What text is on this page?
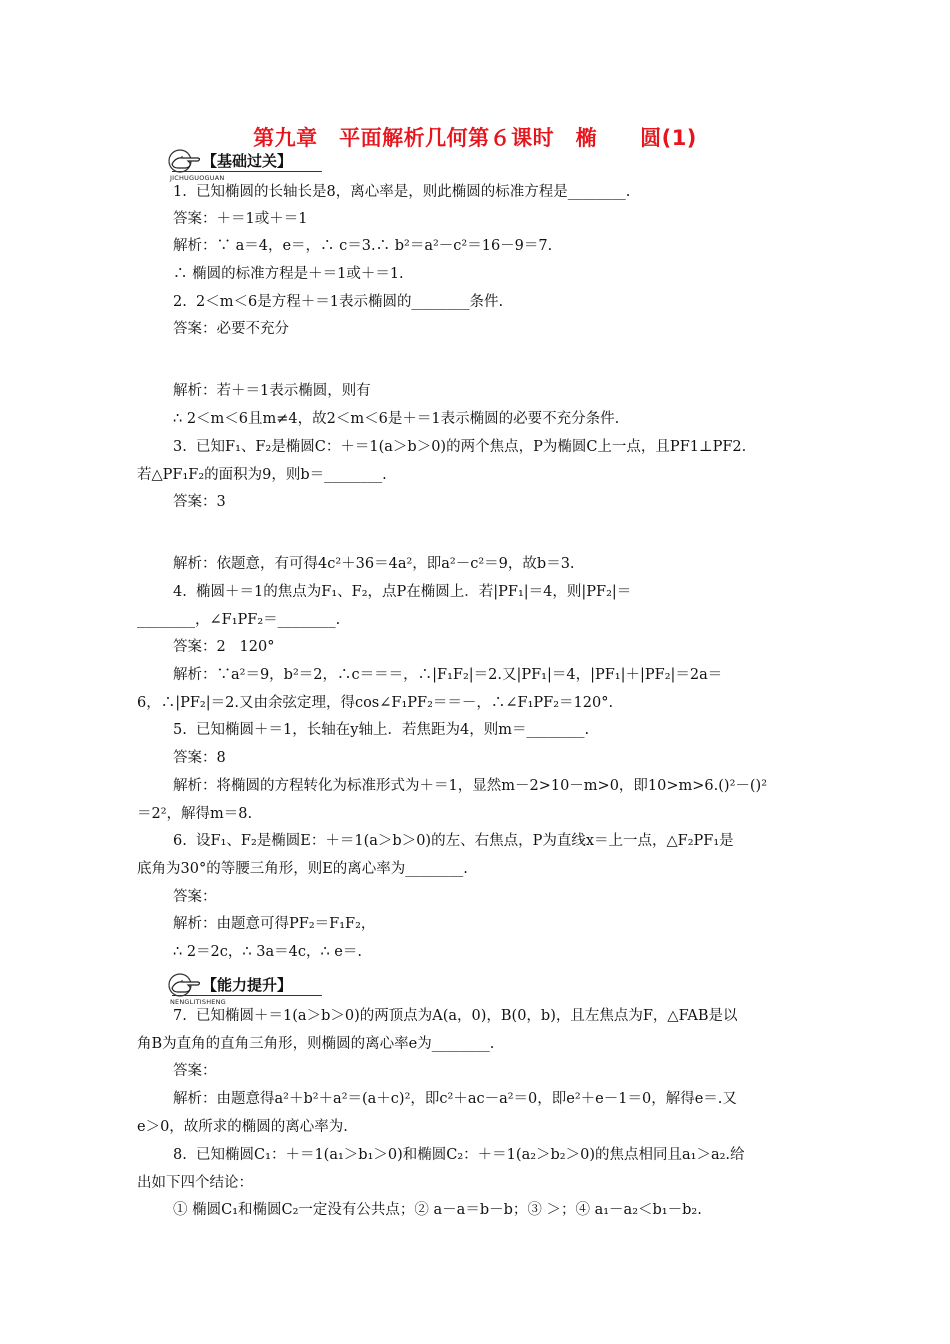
第九章　平面解析几何第６课时　椭　　圆(1)
【基础过关】
JICHUGUOGUAN
【能力提升】
NENGLITISHENG
1.  已知椭圆的长轴长是8，离心率是，则此椭圆的标准方程是________.
答案：＋＝1或＋＝1
解析：∵ a＝4，e＝，∴ c＝3.∴ b²＝a²－c²＝16－9＝7.
∴ 椭圆的标准方程是＋＝1或＋＝1.
2.  2＜m＜6是方程＋＝1表示椭圆的________条件.
答案：必要不充分
解析：若＋＝1表示椭圆，则有
∴ 2＜m＜6且m≠4，故2＜m＜6是＋＝1表示椭圆的必要不充分条件.
3.  已知F₁、F₂是椭圆C：＋＝1(a＞b＞0)的两个焦点，P为椭圆C上一点，且PF1⊥PF2.
若△PF₁F₂的面积为9，则b＝________.
答案：3
解析：依题意，有可得4c²＋36＝4a²，即a²－c²＝9，故b＝3.
4.  椭圆＋＝1的焦点为F₁、F₂，点P在椭圆上．若|PF₁|＝4，则|PF₂|＝
________，∠F₁PF₂＝________.
答案：2   120°
解析：∵a²＝9，b²＝2，∴c＝＝＝，∴|F₁F₂|＝2.又|PF₁|＝4，|PF₁|＋|PF₂|＝2a＝
6，∴|PF₂|＝2.又由余弦定理，得cos∠F₁PF₂＝＝－，∴∠F₁PF₂＝120°.
5.  已知椭圆＋＝1，长轴在y轴上．若焦距为4，则m＝________.
答案：8
解析：将椭圆的方程转化为标准形式为＋＝1，显然m－2>10－m>0，即10>m>6.()²－()²
＝2²，解得m＝8.
6.  设F₁、F₂是椭圆E：＋＝1(a＞b＞0)的左、右焦点，P为直线x＝上一点，△F₂PF₁是
底角为30°的等腰三角形，则E的离心率为________.
答案：
解析：由题意可得PF₂＝F₁F₂，
∴ 2＝2c，∴ 3a＝4c，∴ e＝.
7.  已知椭圆＋＝1(a＞b＞0)的两顶点为A(a，0)，B(0，b)，且左焦点为F，△FAB是以
角B为直角的直角三角形，则椭圆的离心率e为________.
答案：
解析：由题意得a²＋b²＋a²＝(a＋c)²，即c²＋ac－a²＝0，即e²＋e－1＝0，解得e＝.又
e＞0，故所求的椭圆的离心率为.
8.  已知椭圆C₁：＋＝1(a₁＞b₁＞0)和椭圆C₂：＋＝1(a₂＞b₂＞0)的焦点相同且a₁＞a₂.给
出如下四个结论：
① 椭圆C₁和椭圆C₂一定没有公共点；② a－a＝b－b；③ ＞；④ a₁－a₂＜b₁－b₂.
